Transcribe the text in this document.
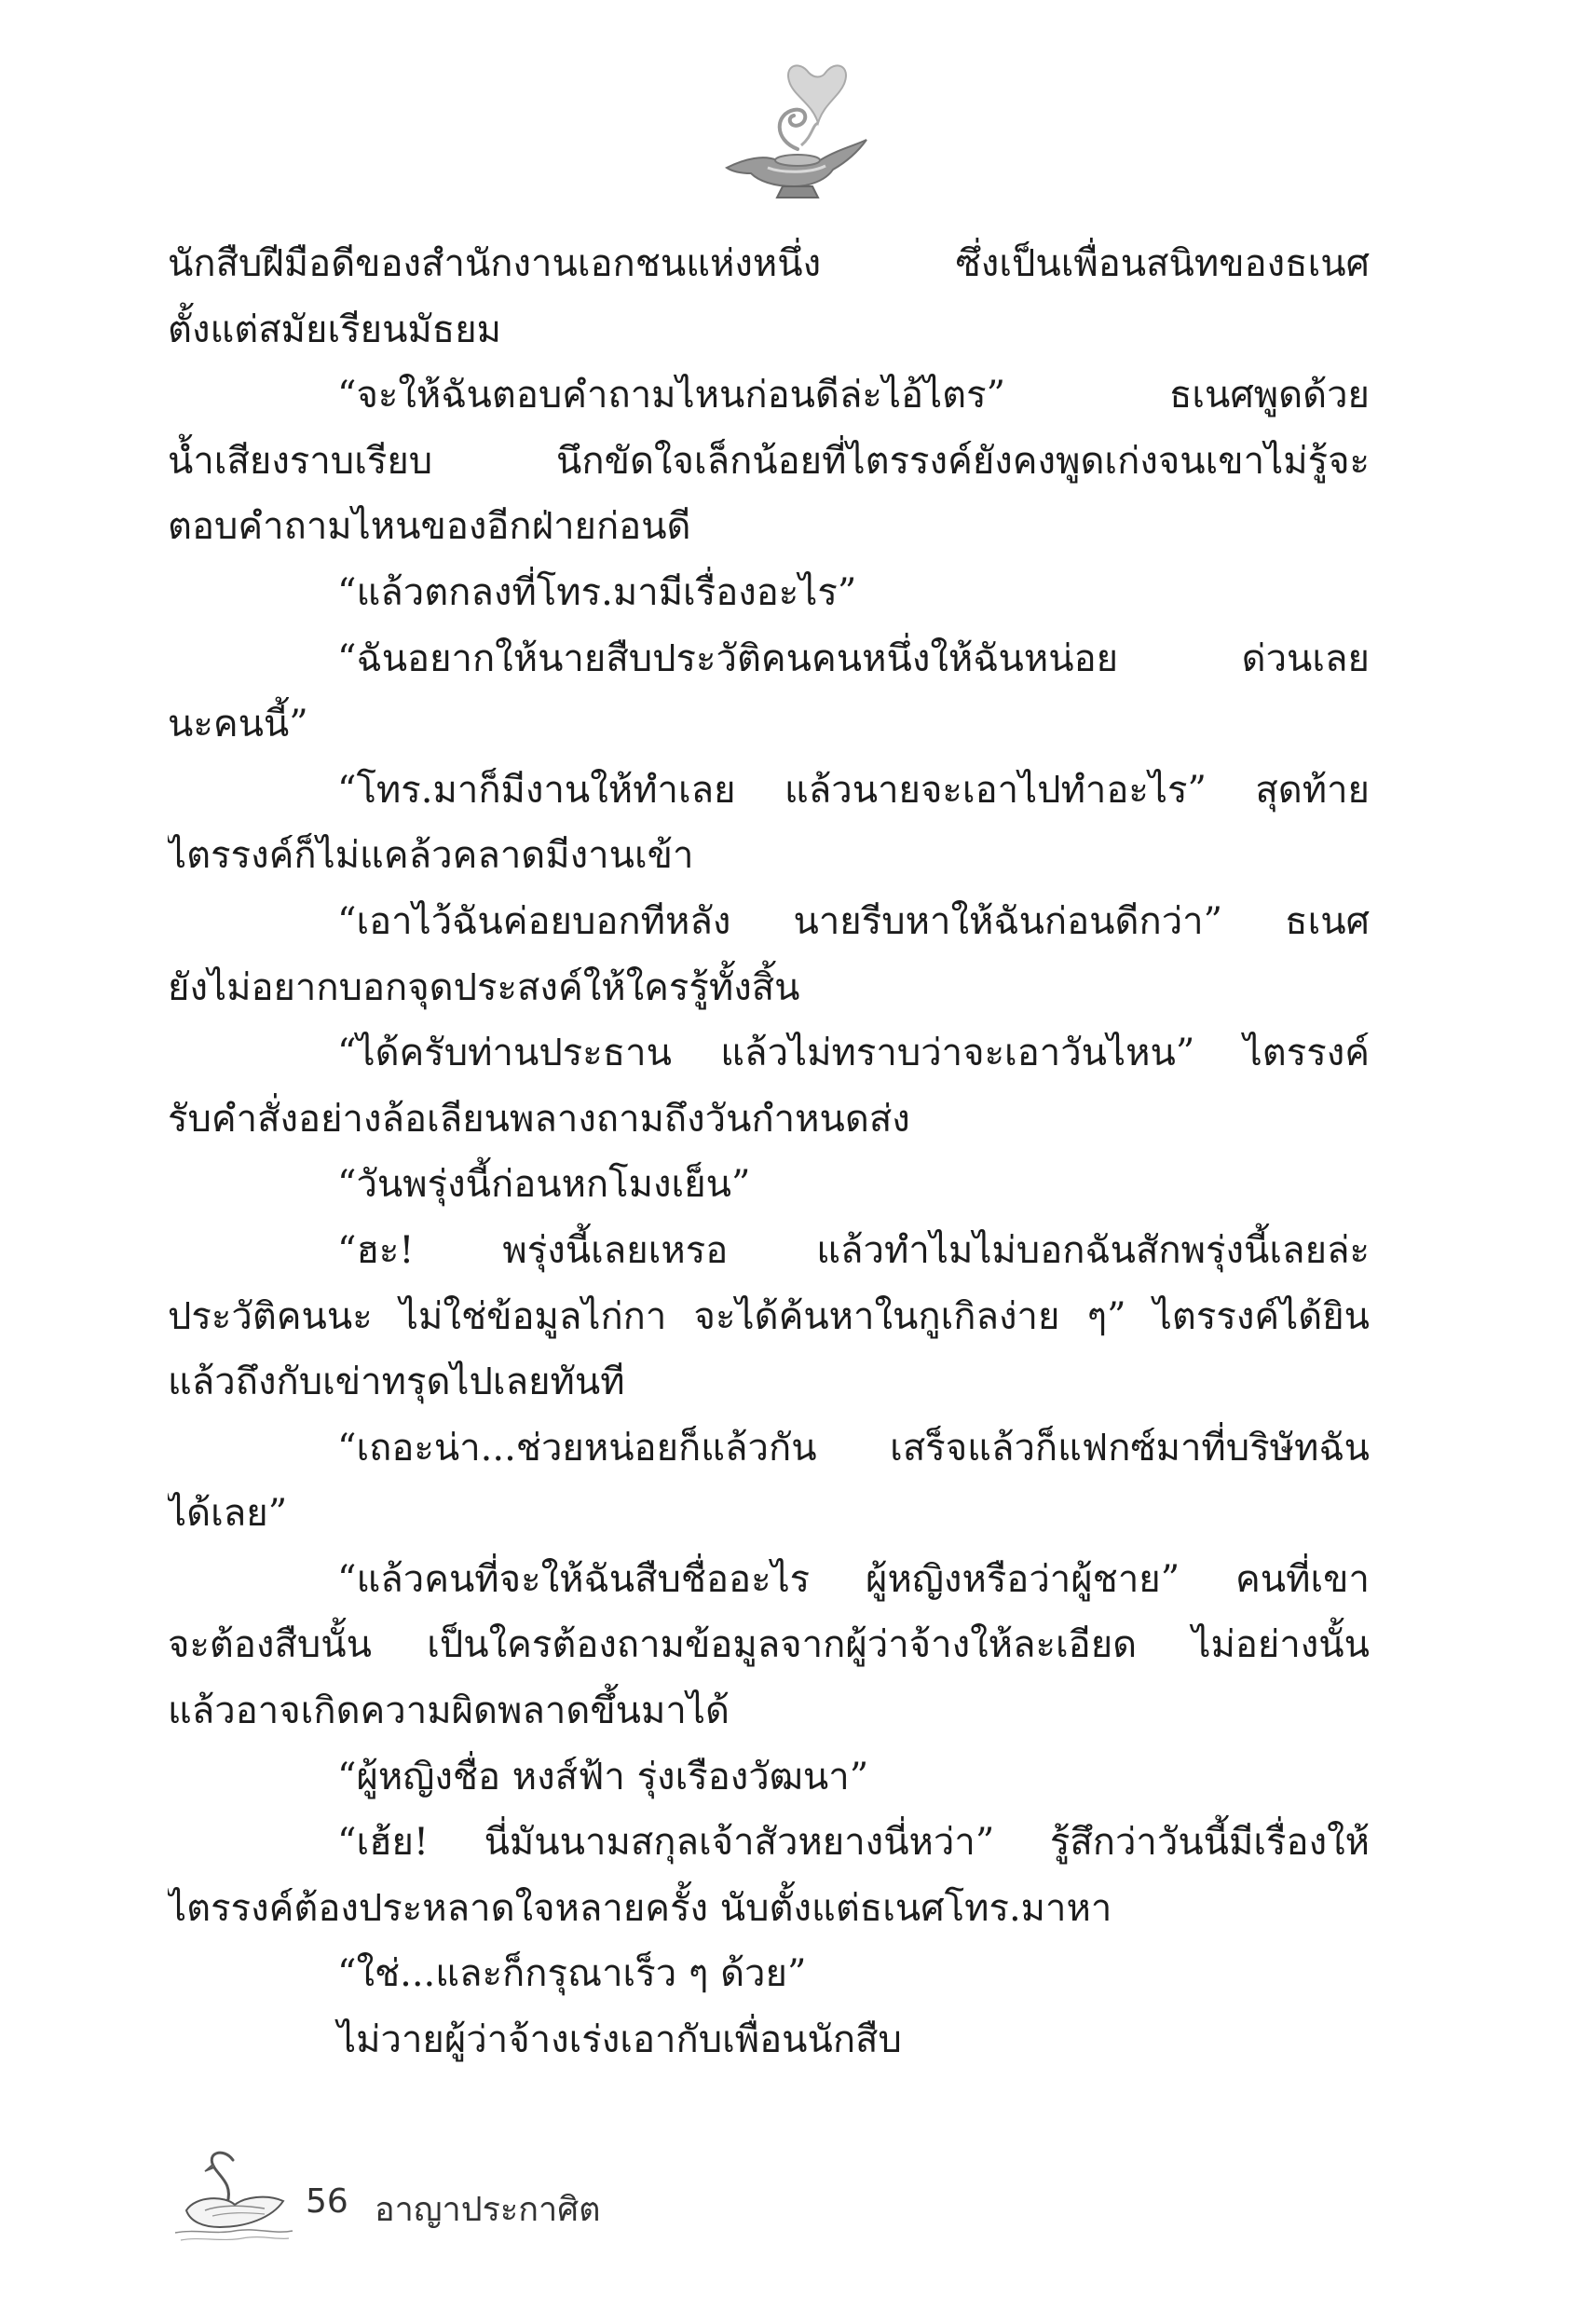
นักสืบฝีมือดีของสำนักงานเอกชนแห่งหนึ่ง ซึ่งเป็นเพื่อนสนิทของธเนศ
ตั้งแต่สมัยเรียนมัธยม
“จะให้ฉันตอบคำถามไหนก่อนดีล่ะไอ้ไตร” ธเนศพูดด้วย
น้ำเสียงราบเรียบ นึกขัดใจเล็กน้อยที่ไตรรงค์ยังคงพูดเก่งจนเขาไม่รู้จะ
ตอบคำถามไหนของอีกฝ่ายก่อนดี
“แล้วตกลงที่โทร.มามีเรื่องอะไร”
“ฉันอยากให้นายสืบประวัติคนคนหนึ่งให้ฉันหน่อย ด่วนเลย
นะคนนี้”
“โทร.มาก็มีงานให้ทำเลย แล้วนายจะเอาไปทำอะไร” สุดท้าย
ไตรรงค์ก็ไม่แคล้วคลาดมีงานเข้า
“เอาไว้ฉันค่อยบอกทีหลัง นายรีบหาให้ฉันก่อนดีกว่า” ธเนศ
ยังไม่อยากบอกจุดประสงค์ให้ใครรู้ทั้งสิ้น
“ได้ครับท่านประธาน แล้วไม่ทราบว่าจะเอาวันไหน” ไตรรงค์
รับคำสั่งอย่างล้อเลียนพลางถามถึงวันกำหนดส่ง
“วันพรุ่งนี้ก่อนหกโมงเย็น”
“ฮะ! พรุ่งนี้เลยเหรอ แล้วทำไมไม่บอกฉันสักพรุ่งนี้เลยล่ะ
ประวัติคนนะ ไม่ใช่ข้อมูลไก่กา จะได้ค้นหาในกูเกิลง่าย ๆ” ไตรรงค์ได้ยิน
แล้วถึงกับเข่าทรุดไปเลยทันที
“เถอะน่า...ช่วยหน่อยก็แล้วกัน เสร็จแล้วก็แฟกซ์มาที่บริษัทฉัน
ได้เลย”
“แล้วคนที่จะให้ฉันสืบชื่ออะไร ผู้หญิงหรือว่าผู้ชาย” คนที่เขา
จะต้องสืบนั้น เป็นใครต้องถามข้อมูลจากผู้ว่าจ้างให้ละเอียด ไม่อย่างนั้น
แล้วอาจเกิดความผิดพลาดขึ้นมาได้
“ผู้หญิงชื่อ หงส์ฟ้า รุ่งเรืองวัฒนา”
“เฮ้ย! นี่มันนามสกุลเจ้าสัวหยางนี่หว่า” รู้สึกว่าวันนี้มีเรื่องให้
ไตรรงค์ต้องประหลาดใจหลายครั้ง นับตั้งแต่ธเนศโทร.มาหา
“ใช่...และก็กรุณาเร็ว ๆ ด้วย”
ไม่วายผู้ว่าจ้างเร่งเอากับเพื่อนนักสืบ
56 อาญาประกาศิต
